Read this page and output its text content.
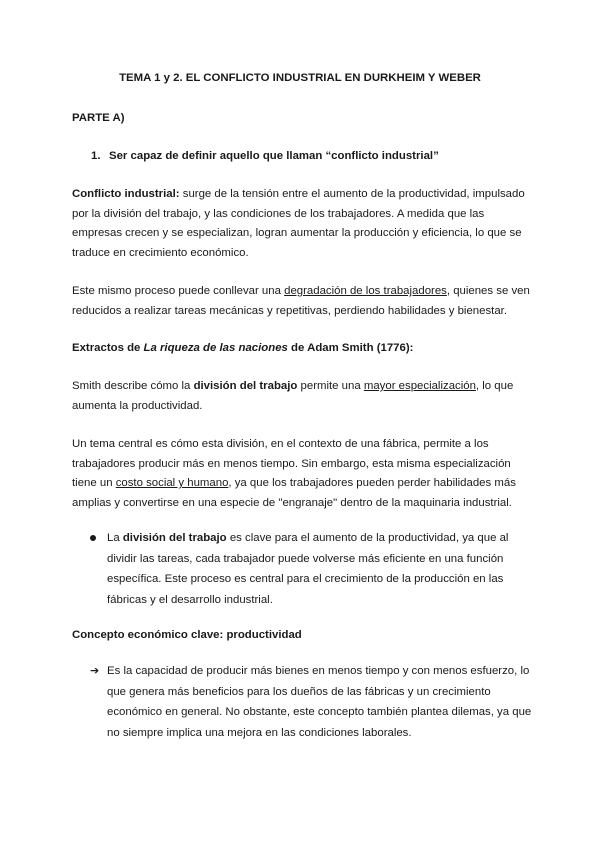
TEMA 1 y 2. EL CONFLICTO INDUSTRIAL EN DURKHEIM Y WEBER

PARTE A)

1. Ser capaz de definir aquello que llaman “conflicto industrial”

Conflicto industrial: surge de la tensión entre el aumento de la productividad, impulsado por la división del trabajo, y las condiciones de los trabajadores. A medida que las empresas crecen y se especializan, logran aumentar la producción y eficiencia, lo que se traduce en crecimiento económico.

Este mismo proceso puede conllevar una degradación de los trabajadores, quienes se ven reducidos a realizar tareas mecánicas y repetitivas, perdiendo habilidades y bienestar.

Extractos de La riqueza de las naciones de Adam Smith (1776):

Smith describe cómo la división del trabajo permite una mayor especialización, lo que aumenta la productividad.

Un tema central es cómo esta división, en el contexto de una fábrica, permite a los trabajadores producir más en menos tiempo. Sin embargo, esta misma especialización tiene un costo social y humano, ya que los trabajadores pueden perder habilidades más amplias y convertirse en una especie de "engranaje" dentro de la maquinaria industrial.

La división del trabajo es clave para el aumento de la productividad, ya que al dividir las tareas, cada trabajador puede volverse más eficiente en una función específica. Este proceso es central para el crecimiento de la producción en las fábricas y el desarrollo industrial.

Concepto económico clave: productividad

➔ Es la capacidad de producir más bienes en menos tiempo y con menos esfuerzo, lo que genera más beneficios para los dueños de las fábricas y un crecimiento económico en general. No obstante, este concepto también plantea dilemas, ya que no siempre implica una mejora en las condiciones laborales.
